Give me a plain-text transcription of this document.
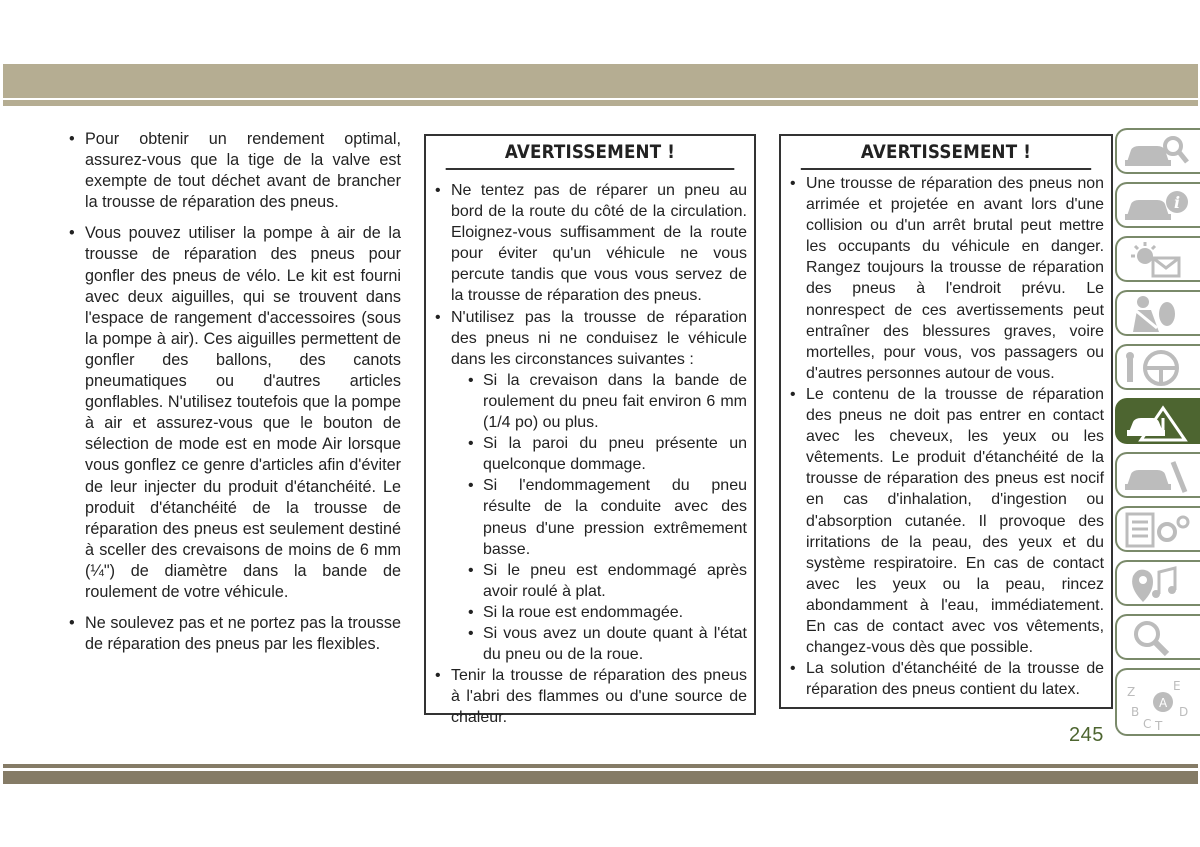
• Pour obtenir un rendement optimal, assurez-vous que la tige de la valve est exempte de tout déchet avant de brancher la trousse de réparation des pneus.
• Vous pouvez utiliser la pompe à air de la trousse de réparation des pneus pour gonfler des pneus de vélo. Le kit est fourni avec deux aiguilles, qui se trouvent dans l'espace de rangement d'accessoires (sous la pompe à air). Ces aiguilles permettent de gonfler des ballons, des canots pneumatiques ou d'autres articles gonflables. N'utilisez toutefois que la pompe à air et assurez-vous que le bouton de sélection de mode est en mode Air lorsque vous gonflez ce genre d'articles afin d'éviter de leur injecter du produit d'étanchéité. Le produit d'étanchéité de la trousse de réparation des pneus est seulement destiné à sceller des crevaisons de moins de 6 mm (¼") de diamètre dans la bande de roulement de votre véhicule.
• Ne soulevez pas et ne portez pas la trousse de réparation des pneus par les flexibles.
AVERTISSEMENT !
• Ne tentez pas de réparer un pneu au bord de la route du côté de la circulation. Eloignez-vous suffisamment de la route pour éviter qu'un véhicule ne vous percute tandis que vous vous servez de la trousse de réparation des pneus.
• N'utilisez pas la trousse de réparation des pneus ni ne conduisez le véhicule dans les circonstances suivantes :
• Si la crevaison dans la bande de roulement du pneu fait environ 6 mm (1/4 po) ou plus.
• Si la paroi du pneu présente un quelconque dommage.
• Si l'endommagement du pneu résulte de la conduite avec des pneus d'une pression extrêmement basse.
• Si le pneu est endommagé après avoir roulé à plat.
• Si la roue est endommagée.
• Si vous avez un doute quant à l'état du pneu ou de la roue.
• Tenir la trousse de réparation des pneus à l'abri des flammes ou d'une source de chaleur.
AVERTISSEMENT !
• Une trousse de réparation des pneus non arrimée et projetée en avant lors d'une collision ou d'un arrêt brutal peut mettre les occupants du véhicule en danger. Rangez toujours la trousse de réparation des pneus à l'endroit prévu. Le nonrespect de ces avertissements peut entraîner des blessures graves, voire mortelles, pour vous, vos passagers ou d'autres personnes autour de vous.
• Le contenu de la trousse de réparation des pneus ne doit pas entrer en contact avec les cheveux, les yeux ou les vêtements. Le produit d'étanchéité de la trousse de réparation des pneus est nocif en cas d'inhalation, d'ingestion ou d'absorption cutanée. Il provoque des irritations de la peau, des yeux et du système respiratoire. En cas de contact avec les yeux ou la peau, rincez abondamment à l'eau, immédiatement. En cas de contact avec vos vêtements, changez-vous dès que possible.
• La solution d'étanchéité de la trousse de réparation des pneus contient du latex.
i
Z	E
B	D
C T
A
245
